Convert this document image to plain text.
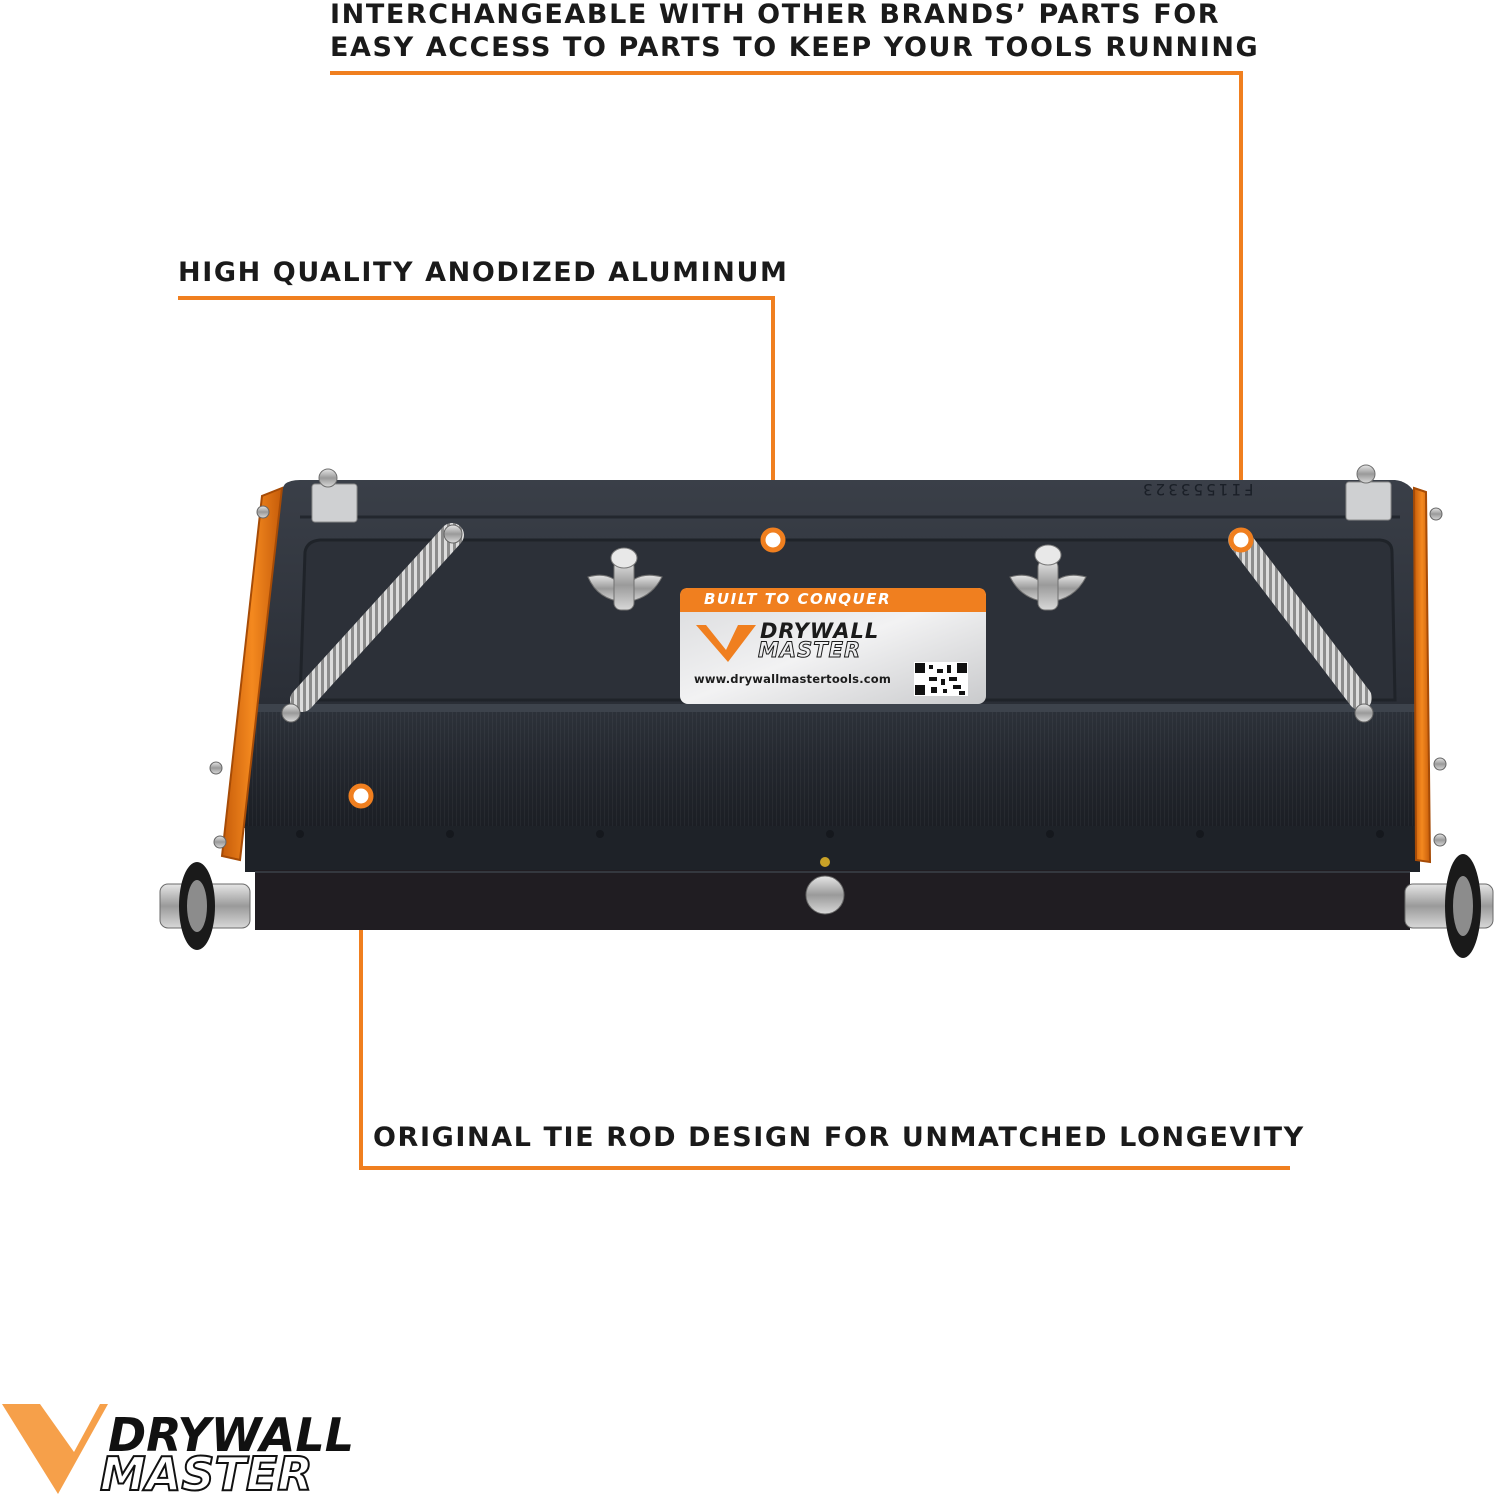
INTERCHANGEABLE WITH OTHER BRANDS’ PARTS FOR
EASY ACCESS TO PARTS TO KEEP YOUR TOOLS RUNNING
HIGH QUALITY ANODIZED ALUMINUM
ORIGINAL TIE ROD DESIGN FOR UNMATCHED LONGEVITY
BUILT TO CONQUER
DRYWALL
MASTER
www.drywallmastertools.com
FI1553323
DRYWALL
MASTER
